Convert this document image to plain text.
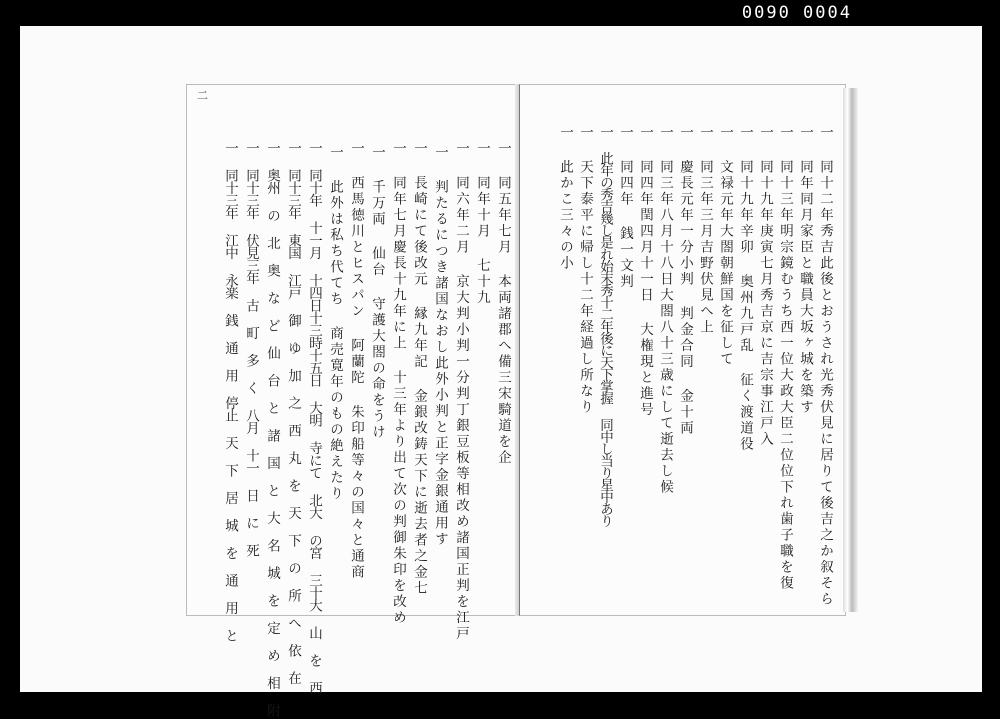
0090 0004
二
一 同五年七月 本両諸郡へ備三宋騎道を企
一 同年十月 七十九
一 同六年二月 京大判小判一分判丁銀豆板等相改め諸国正判を江戸
一 判たるにつき諸国なおし此外小判と正字金銀通用す
一 長崎にて後改元 縁九年記 金銀改鋳天下に逝去者之金七
一 同年七月慶長十九年に上 十三年より出て次の判御朱印を改め
一 千万両 仙台 守護大閤の命をうけ
一 西馬徳川とヒスパン 阿蘭陀 朱印船等々の国々と通商
一 此外は私ち代てち 商売寛年のもの絶えたり
一 同十年 十一月 十四日十三時十五日 大明 寺にて 北大 の宮 三十大 山 を 西
一 同十三年 東国 江戸 御 ゆ 加 之 西 丸 を 天 下 の 所 へ 依 在
一 奥州 の 北 奥 な ど 仙 台 と 諸 国 と 大 名 城 を 定 め 相 附
一 同十三年 伏見三年 古 町 多 く 八月 十一 日 に 死
一 同十三年 江中 永楽 銭 通 用 停止 天 下 居 城 を 通 用 と	一 同十二年秀吉此後とおうされ光秀伏見に居りて後吉之か叙そら
一 同年同月家臣と職員大坂ヶ城を築す
一 同十三年明宗鏡むうち西一位大政大臣二位位下れ歯子職を復
一 同十九年庚寅七月秀吉京に吉宗事江戸入
一 同十九年辛卯 奥州九戸乱 征く渡道役
一 文禄元年大閤朝鮮国を征して
一 同三年三月吉野伏見へ上
一 慶長元年一分小判 判金合同 金十両
一 同三年八月十八日大閤八十三歳にして逝去し候
一 同四年閏四月十一日 大権現と進号
一 同四年 銭一文判
一 此年の秀吉幾し是れ始末秀十二年後に天下掌握 同中し当り星中あり
一 天下泰平に帰し十二年経過し所なり
一 此かこ三々の小
